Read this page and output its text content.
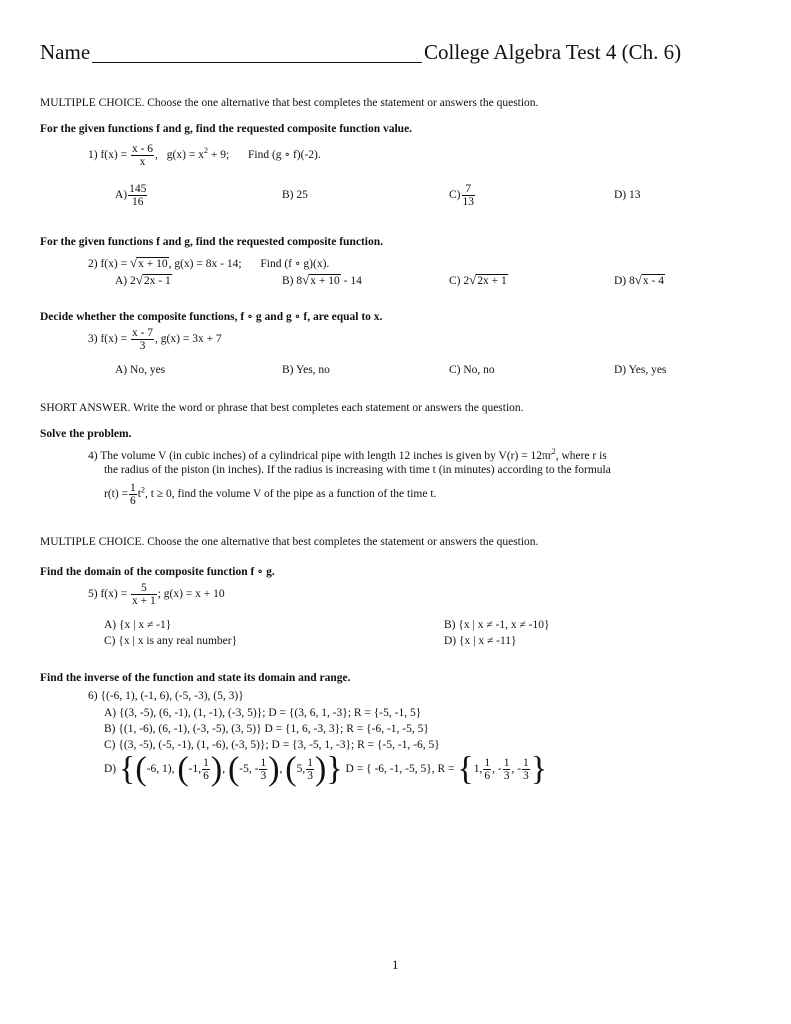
Name	College Algebra Test 4 (Ch. 6)
MULTIPLE CHOICE. Choose the one alternative that best completes the statement or answers the question.
For the given functions f and g, find the requested composite function value.
1) $f(x) = \frac{x - 6}{x}$ , $g(x) = x^2 + 9$; Find (g ∘ f)(-2).
$A) \frac{145}{16}$	B) 25	$C) \frac{7}{13}$	D) 13
For the given functions f and g, find the requested composite function.
2) f(x) = √x + 10, g(x) = 8x - 14; Find (f ∘ g)(x).
A) 2√2x - 1	B) 8√x + 10 - 14	C) 2√2x + 1	D) 8√x - 4
Decide whether the composite functions, f ∘ g and g ∘ f, are equal to x.
3) $f(x) = \frac{x - 7}{3}$ , g(x) = 3x + 7
A) No, yes	B) Yes, no	C) No, no	D) Yes, yes
SHORT ANSWER. Write the word or phrase that best completes each statement or answers the question.
Solve the problem.
4) The volume V (in cubic inches) of a cylindrical pipe with length 12 inches is given by $V(r) = 12\pi r^2$, where r is
the radius of the piston (in inches). If the radius is increasing with time t (in minutes) according to the formula
$r(t) = \frac{1}{6} t^2$, t ≥ 0, find the volume V of the pipe as a function of the time t.
MULTIPLE CHOICE. Choose the one alternative that best completes the statement or answers the question.
Find the domain of the composite function f ∘ g.
5) $f(x) = \frac{5}{x + 1}$ ; g(x) = x + 10
A) {x | x ≠ -1}	B) {x | x ≠ -1, x ≠ -10}
C) {x | x is any real number}	D) {x | x ≠ -11}
Find the inverse of the function and state its domain and range.
6) {(-6, 1), (-1, 6), (-5, -3), (5, 3)}
A) {(3, -5), (6, -1), (1, -1), (-3, 5)}; D = {(3, 6, 1, -3}; R = {-5, -1, 5}
B) {(1, -6), (6, -1), (-3, -5), (3, 5)} D = {1, 6, -3, 3}; R = {-6, -1, -5, 5}
C) {(3, -5), (-5, -1), (1, -6), (-3, 5)}; D = {3, -5, 1, -3}; R = {-5, -1, -6, 5}
D) {(-6, 1), (-1, $\frac{1}{6}$ ), (-5, - $\frac{1}{3}$ ), (5, $\frac{1}{3}$ )} D = { -6, -1, -5, 5}, R = {1, $\frac{1}{6}$ , - $\frac{1}{3}$ , - $\frac{1}{3}$ }
1
